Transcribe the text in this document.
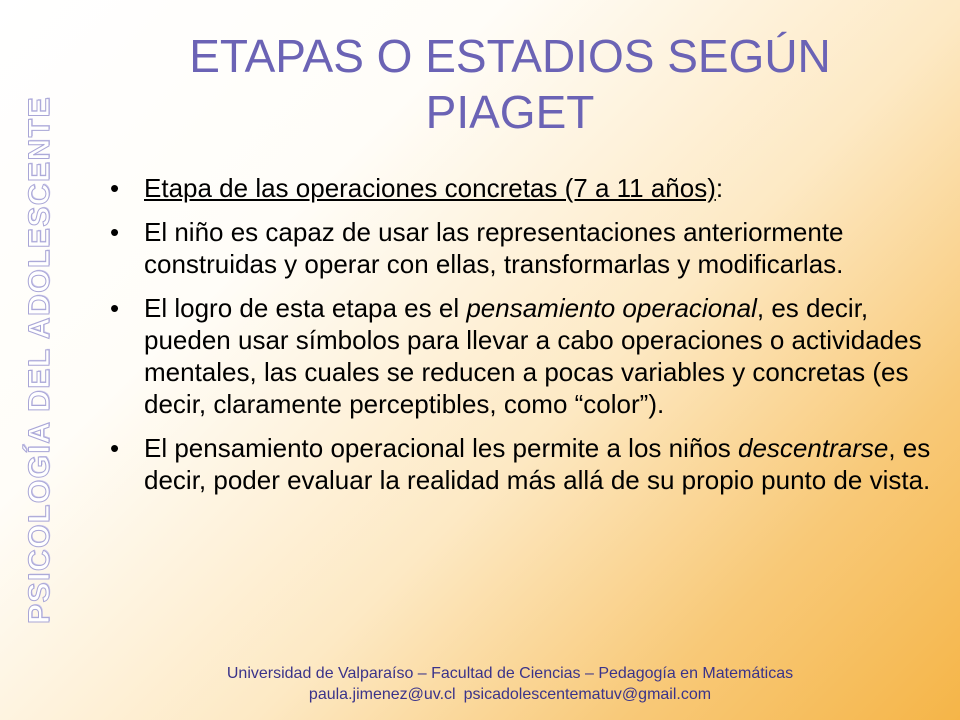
PSICOLOGÍA DEL ADOLESCENTE
ETAPAS O ESTADIOS SEGÚN
PIAGET
• Etapa de las operaciones concretas (7 a 11 años):
• El niño es capaz de usar las representaciones anteriormente construidas y operar con ellas, transformarlas y modificarlas.
• El logro de esta etapa es el pensamiento operacional, es decir, pueden usar símbolos para llevar a cabo operaciones o actividades mentales, las cuales se reducen a pocas variables y concretas (es decir, claramente perceptibles, como “color”).
• El pensamiento operacional les permite a los niños descentrarse, es decir, poder evaluar la realidad más allá de su propio punto de vista.
Universidad de Valparaíso – Facultad de Ciencias – Pedagogía en Matemáticas
paula.jimenez@uv.cl psicadolescentematuv@gmail.com
